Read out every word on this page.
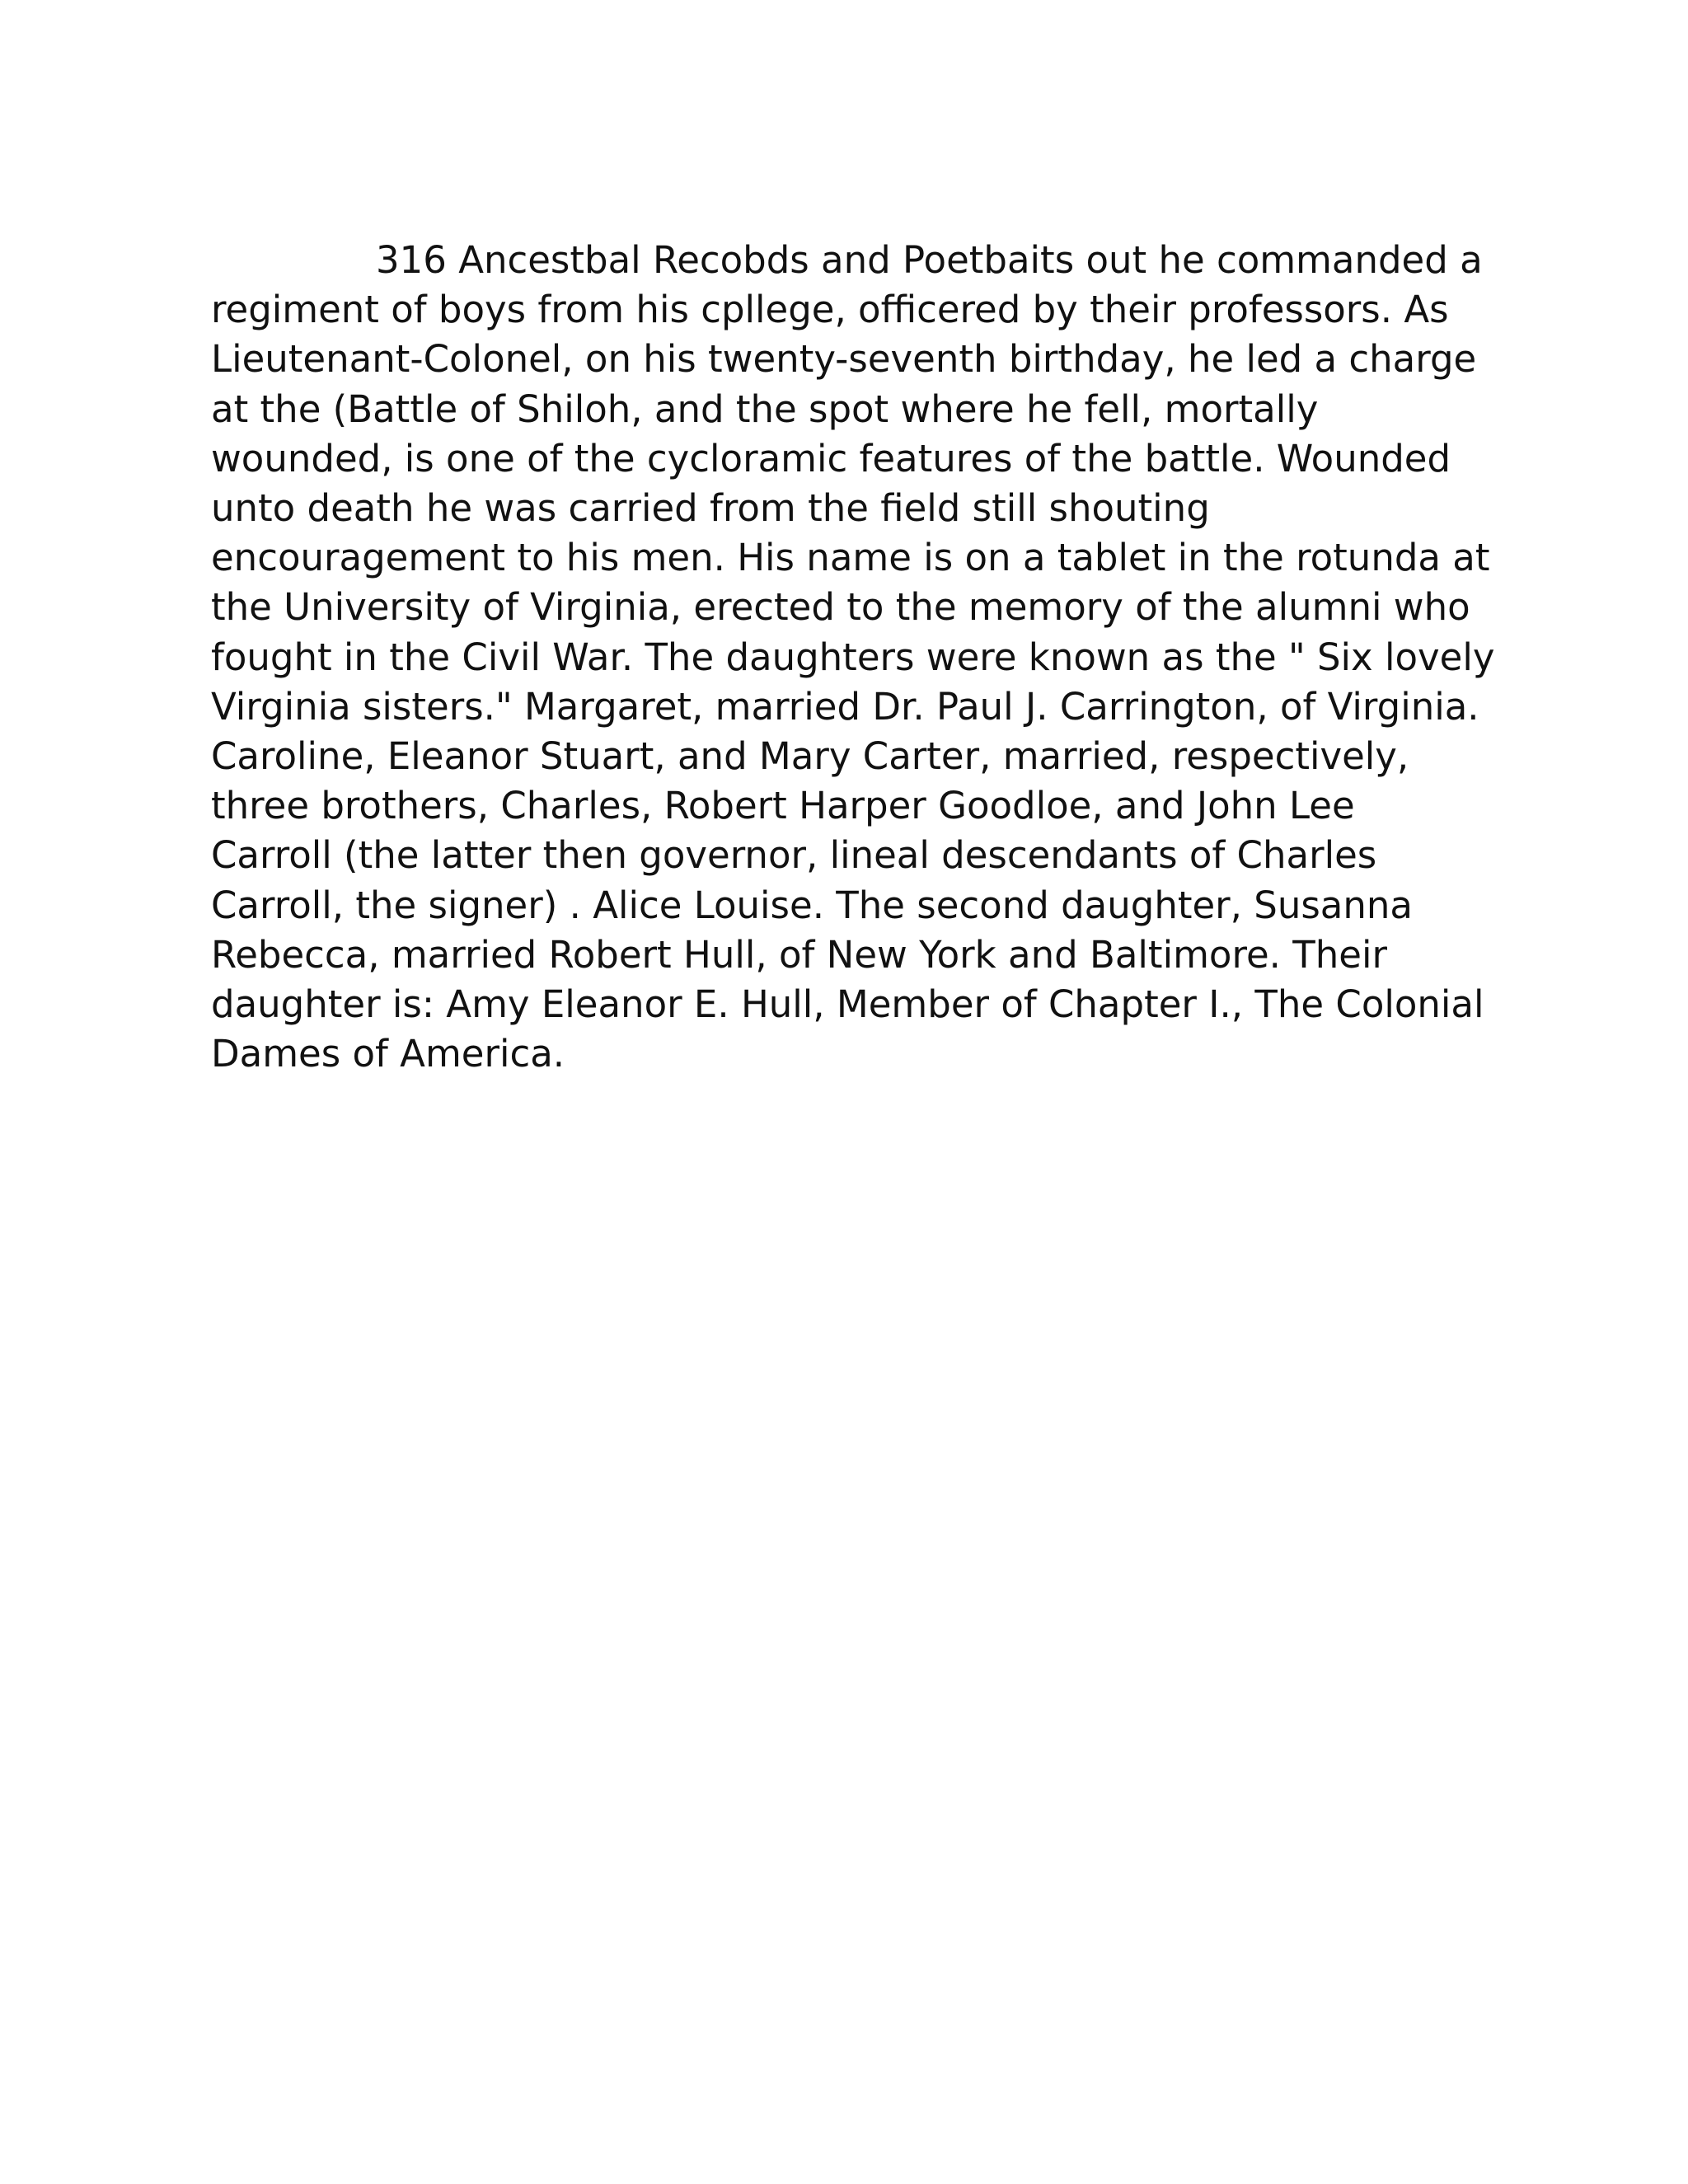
316 Ancestbal Recobds and Poetbaits out he commanded a
regiment of boys from his cpllege, officered by their professors. As
Lieutenant-Colonel, on his twenty-seventh birthday, he led a charge
at the (Battle of Shiloh, and the spot where he fell, mortally
wounded, is one of the cycloramic features of the battle. Wounded
unto death he was carried from the field still shouting
encouragement to his men. His name is on a tablet in the rotunda at
the University of Virginia, erected to the memory of the alumni who
fought in the Civil War. The daughters were known as the " Six lovely
Virginia sisters." Margaret, married Dr. Paul J. Carrington, of Virginia.
Caroline, Eleanor Stuart, and Mary Carter, married, respectively,
three brothers, Charles, Robert Harper Goodloe, and John Lee
Carroll (the latter then governor, lineal descendants of Charles
Carroll, the signer) . Alice Louise. The second daughter, Susanna
Rebecca, married Robert Hull, of New York and Baltimore. Their
daughter is: Amy Eleanor E. Hull, Member of Chapter I., The Colonial
Dames of America.
